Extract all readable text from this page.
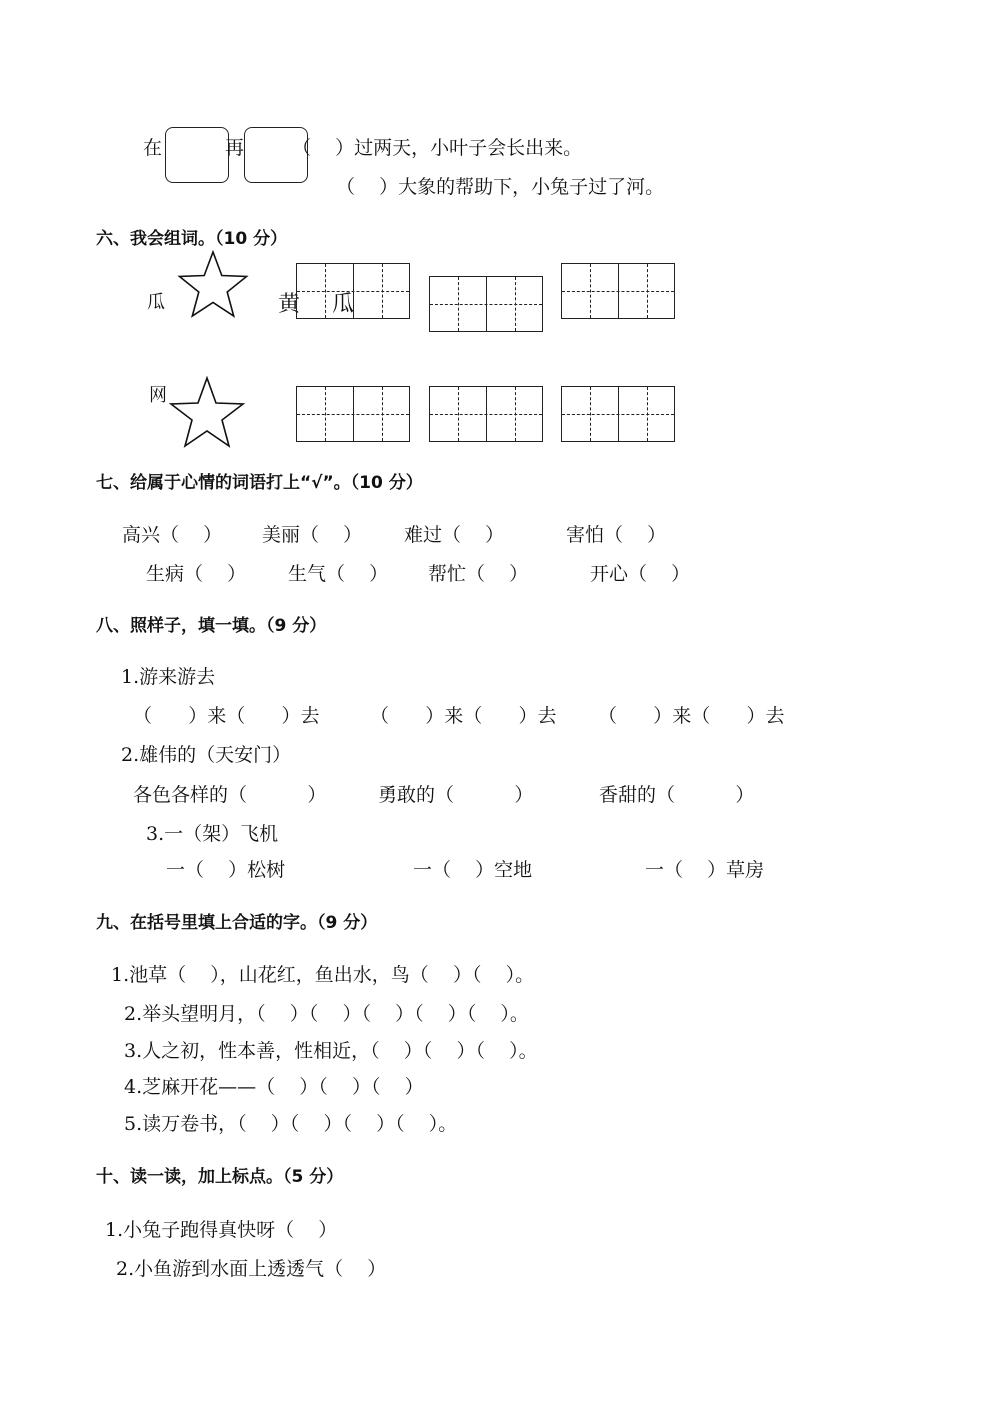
在	再	（    ）过两天，小叶子会长出来。
（    ）大象的帮助下，小兔子过了河。
六、我会组词。（10 分）
瓜	黄  瓜
网
七、给属于心情的词语打上“√”。（10 分）
高兴（    ） 美丽（    ） 难过（    ）	害怕（    ）
生病（    ） 生气（    ） 帮忙（    ）	开心（    ）
八、照样子，填一填。（9 分）
1.游来游去
（      ）来（      ）去	（      ）来（      ）去 （      ）来（      ）去
2.雄伟的（天安门）
各色各样的（          ）	勇敢的（          ）	香甜的（          ）
3.一（架）飞机
一（    ）松树	一（    ）空地	一（    ）草房
九、在括号里填上合适的字。（9 分）
1.池草（    ），山花红，鱼出水，鸟（    ）（    ）。
2.举头望明月，（    ）（    ）（    ）（    ）（    ）。
3.人之初，性本善，性相近，（    ）（    ）（    ）。
4.芝麻开花——（    ）（    ）（    ）
5.读万卷书，（    ）（    ）（    ）（    ）。
十、读一读，加上标点。（5 分）
1.小兔子跑得真快呀（    ）
2.小鱼游到水面上透透气（    ）
